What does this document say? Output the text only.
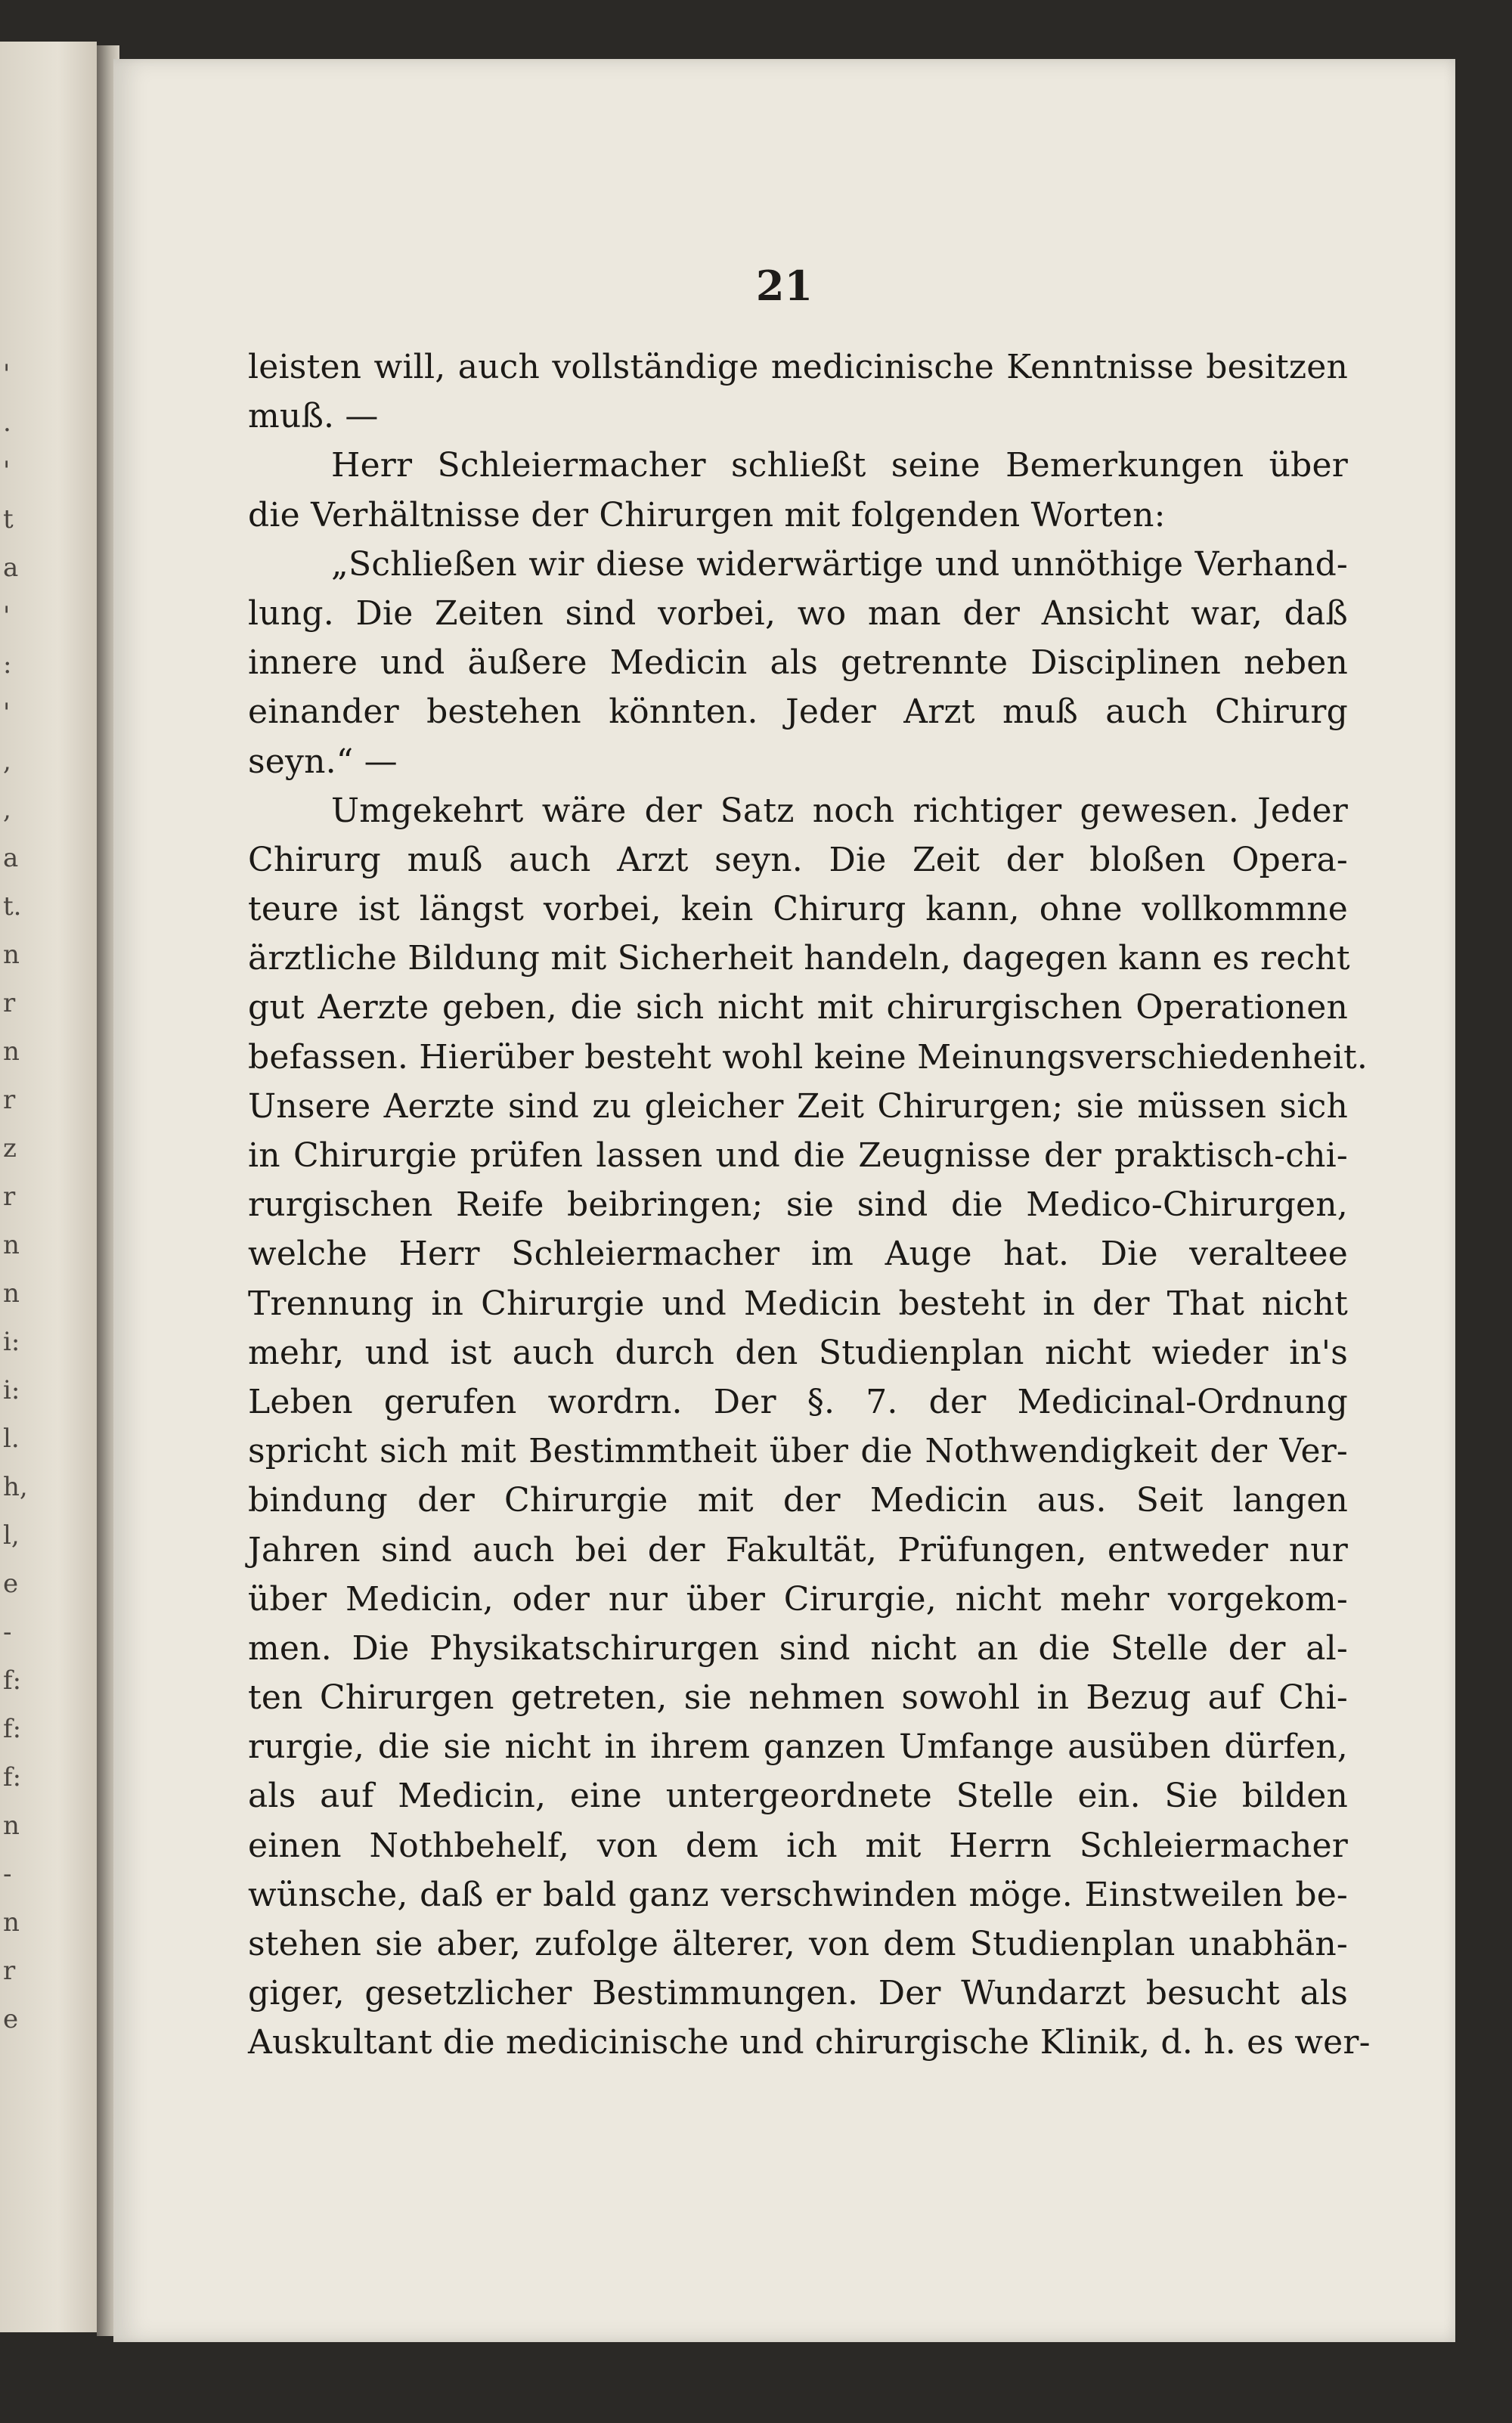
'
.
'
t
a
'
:
'
,
,
a
t.
n
r
n
r
z
r
n
n
i:
i:
l.
h,
l,
e
-
f:
f:
f:
n
-
n
r
e
21
leisten will, auch vollständige medicinische Kenntnisse besitzen
muß. —
Herr Schleiermacher schließt seine Bemerkungen über
die Verhältnisse der Chirurgen mit folgenden Worten:
„Schließen wir diese widerwärtige und unnöthige Verhand-
lung. Die Zeiten sind vorbei, wo man der Ansicht war, daß
innere und äußere Medicin als getrennte Disciplinen neben
einander bestehen könnten. Jeder Arzt muß auch Chirurg
seyn.“ —
Umgekehrt wäre der Satz noch richtiger gewesen. Jeder
Chirurg muß auch Arzt seyn. Die Zeit der bloßen Opera-
teure ist längst vorbei, kein Chirurg kann, ohne vollkommne
ärztliche Bildung mit Sicherheit handeln, dagegen kann es recht
gut Aerzte geben, die sich nicht mit chirurgischen Operationen
befassen. Hierüber besteht wohl keine Meinungsverschiedenheit.
Unsere Aerzte sind zu gleicher Zeit Chirurgen; sie müssen sich
in Chirurgie prüfen lassen und die Zeugnisse der praktisch-chi-
rurgischen Reife beibringen; sie sind die Medico-Chirurgen,
welche Herr Schleiermacher im Auge hat. Die veralteee
Trennung in Chirurgie und Medicin besteht in der That nicht
mehr, und ist auch durch den Studienplan nicht wieder in's
Leben gerufen wordrn. Der §. 7. der Medicinal-Ordnung
spricht sich mit Bestimmtheit über die Nothwendigkeit der Ver-
bindung der Chirurgie mit der Medicin aus. Seit langen
Jahren sind auch bei der Fakultät, Prüfungen, entweder nur
über Medicin, oder nur über Cirurgie, nicht mehr vorgekom-
men. Die Physikatschirurgen sind nicht an die Stelle der al-
ten Chirurgen getreten, sie nehmen sowohl in Bezug auf Chi-
rurgie, die sie nicht in ihrem ganzen Umfange ausüben dürfen,
als auf Medicin, eine untergeordnete Stelle ein. Sie bilden
einen Nothbehelf, von dem ich mit Herrn Schleiermacher
wünsche, daß er bald ganz verschwinden möge. Einstweilen be-
stehen sie aber, zufolge älterer, von dem Studienplan unabhän-
giger, gesetzlicher Bestimmungen. Der Wundarzt besucht als
Auskultant die medicinische und chirurgische Klinik, d. h. es wer-
